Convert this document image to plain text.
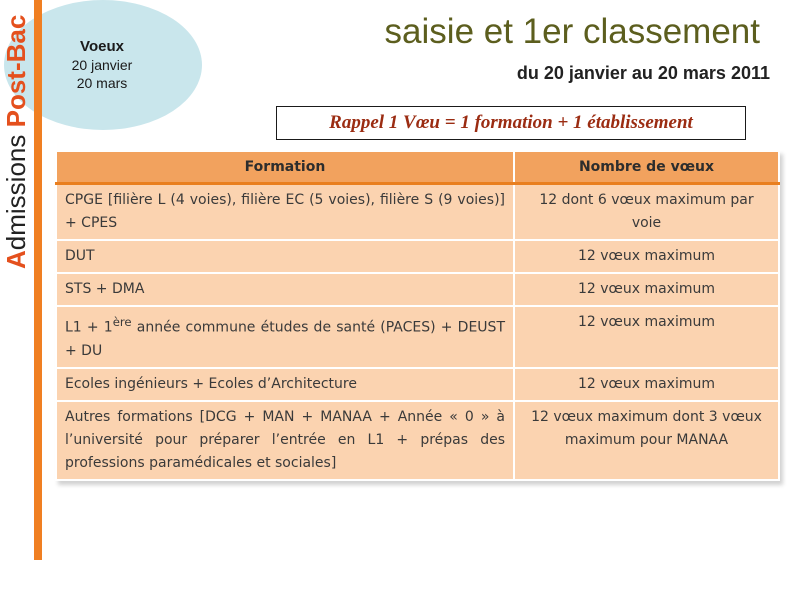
Voeux
20 janvier
20 mars
Admissions Post-Bac	saisie et 1er classement
du 20 janvier au 20 mars 2011
Rappel 1 Vœu = 1 formation + 1 établissement
Formation	Nombre de vœux
CPGE [filière L (4 voies), filière EC (5 voies), filière S (9 voies)] + CPES	12 dont 6 vœux maximum par voie
DUT	12 vœux maximum
STS + DMA	12 vœux maximum
L1 + 1ère année commune études de santé (PACES) + DEUST + DU	12 vœux maximum
Ecoles ingénieurs + Ecoles d’Architecture	12 vœux maximum
Autres formations [DCG + MAN + MANAA + Année « 0 » à l’université pour préparer l’entrée en L1 + prépas des professions paramédicales et sociales]	12 vœux maximum dont 3 vœux maximum pour MANAA
